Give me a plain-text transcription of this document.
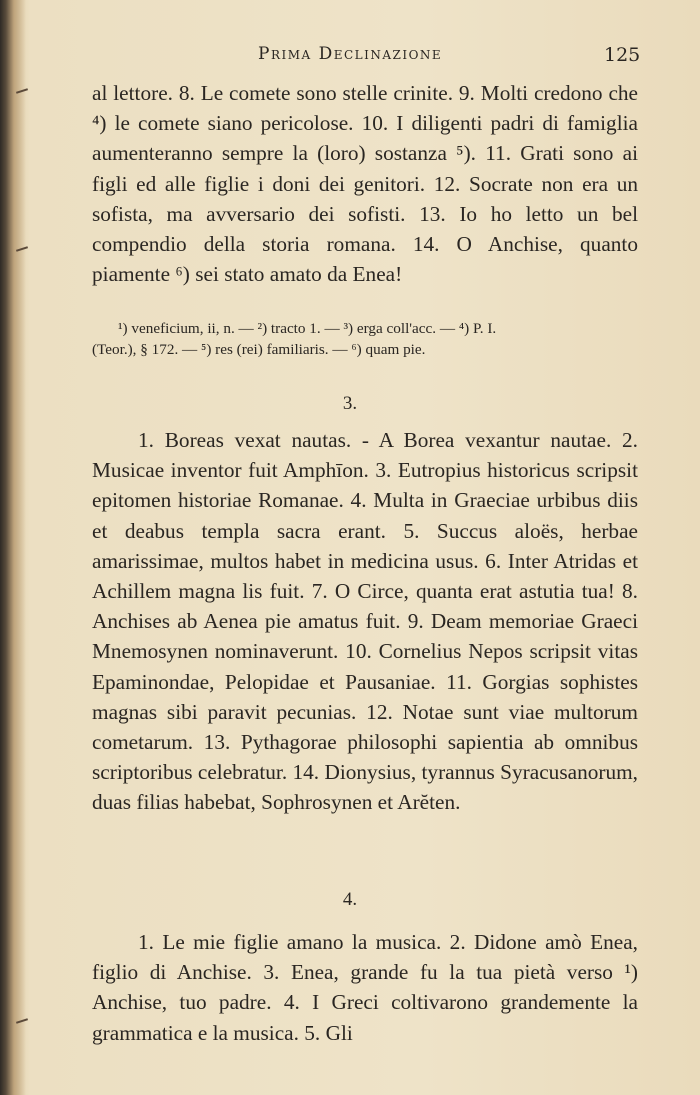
Prima Declinazione	125

al lettore. 8. Le comete sono stelle crinite. 9. Molti credono che ⁴) le comete siano pericolose. 10. I diligenti padri di famiglia aumenteranno sempre la (loro) sostanza ⁵). 11. Grati sono ai figli ed alle figlie i doni dei genitori. 12. Socrate non era un sofista, ma avversario dei sofisti. 13. Io ho letto un bel compendio della storia romana. 14. O Anchise, quanto piamente ⁶) sei stato amato da Enea!

¹) veneficium, ii, n. — ²) tracto 1. — ³) erga coll'acc. — ⁴) P. I.

(Teor.), § 172. — ⁵) res (rei) familiaris. — ⁶) quam pie.

3.

1. Boreas vexat nautas. - A Borea vexantur nautae. 2. Musicae inventor fuit Amphīon. 3. Eutropius historicus scripsit epitomen historiae Romanae. 4. Multa in Graeciae urbibus diis et deabus templa sacra erant. 5. Succus aloës, herbae amarissimae, multos habet in medicina usus. 6. Inter Atridas et Achillem magna lis fuit. 7. O Circe, quanta erat astutia tua! 8. Anchises ab Aenea pie amatus fuit. 9. Deam memoriae Graeci Mnemosynen nominaverunt. 10. Cornelius Nepos scripsit vitas Epaminondae, Pelopidae et Pausaniae. 11. Gorgias sophistes magnas sibi paravit pecunias. 12. Notae sunt viae multorum cometarum. 13. Pythagorae philosophi sapientia ab omnibus scriptoribus celebratur. 14. Dionysius, tyrannus Syracusanorum, duas filias habebat, Sophrosynen et Arĕten.

4.

1. Le mie figlie amano la musica. 2. Didone amò Enea, figlio di Anchise. 3. Enea, grande fu la tua pietà verso ¹) Anchise, tuo padre. 4. I Greci coltivarono grandemente la grammatica e la musica. 5. Gli
